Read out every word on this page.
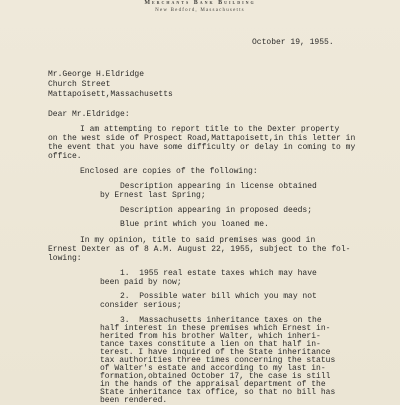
Merchants Bank Building
New Bedford, Massachusetts
October 19, 1955.
Mr.George H.Eldridge
Church Street
Mattapoisett,Massachusetts
Dear Mr.Eldridge:
I am attempting to report title to the Dexter property
on the west side of Prospect Road,Mattapoisett,in this letter in
the event that you have some difficulty or delay in coming to my
office.
Enclosed are copies of the following:
Description appearing in license obtained
by Ernest last Spring;
Description appearing in proposed deeds;
Blue print which you loaned me.
In my opinion, title to said premises was good in
Ernest Dexter as of 8 A.M. August 22, 1955, subject to the fol-
lowing:
1.  1955 real estate taxes which may have
been paid by now;
2.  Possible water bill which you may not
consider serious;
3.  Massachusetts inheritance taxes on the
half interest in these premises which Ernest in-
herited from his brother Walter, which inheri-
tance taxes constitute a lien on that half in-
terest. I have inquired of the State inheritance
tax authorities three times concerning the status
of Walter's estate and according to my last in-
formation,obtained October 17, the case is still
in the hands of the appraisal department of the
State inheritance tax office, so that no bill has
been rendered.
